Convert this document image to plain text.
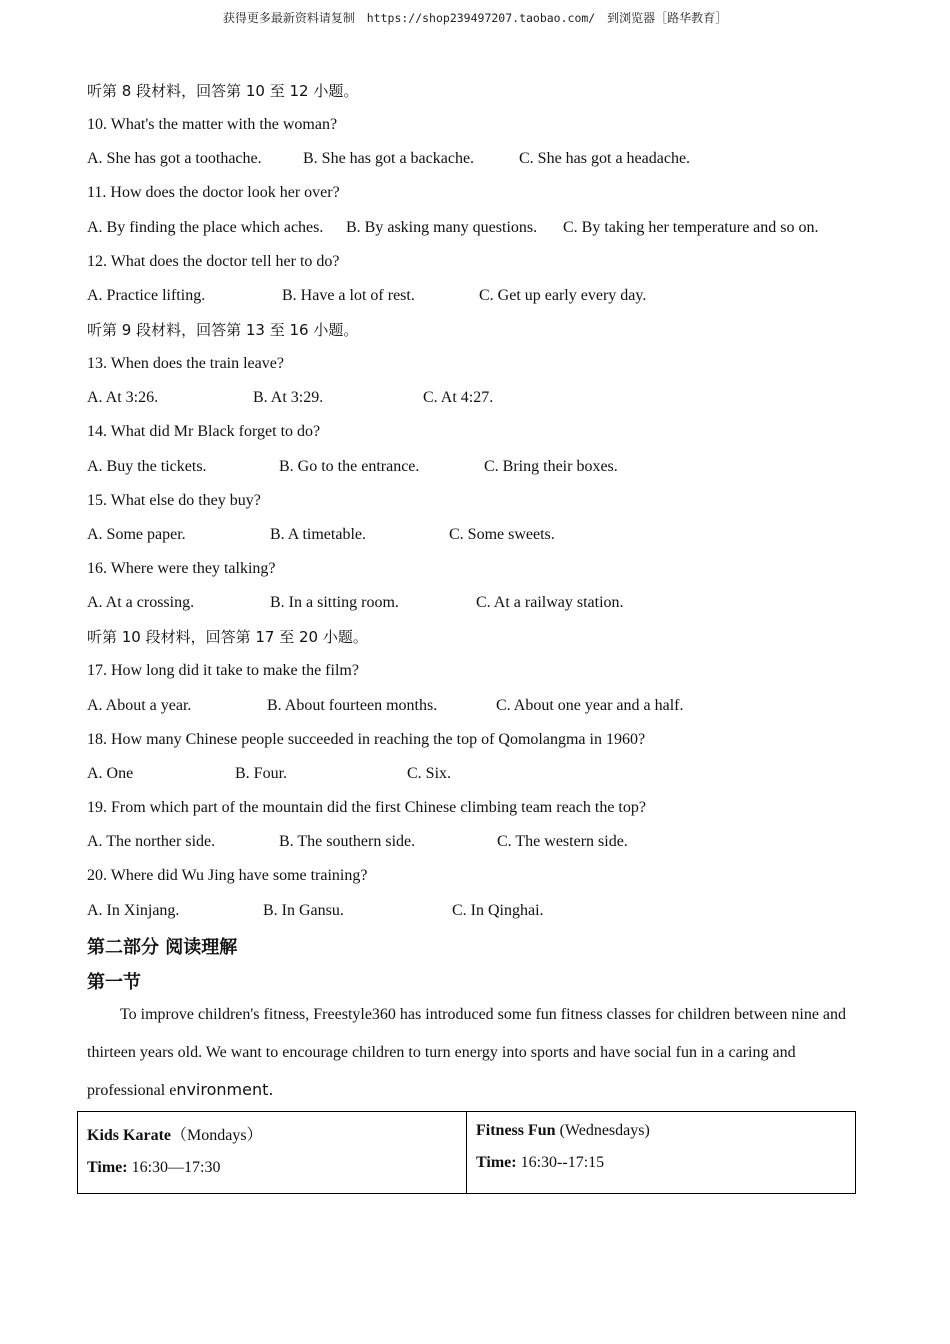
获得更多最新资料请复制 https://shop239497207.taobao.com/ 到浏览器［路华教育］
听第 8 段材料，回答第 10 至 12 小题。
10. What's the matter with the woman?
A. She has got a toothache.	B. She has got a backache.	C. She has got a headache.
11. How does the doctor look her over?
A. By finding the place which aches. B. By asking many questions. C. By taking her temperature and so on.
12. What does the doctor tell her to do?
A. Practice lifting.	B. Have a lot of rest.	C. Get up early every day.
听第 9 段材料，回答第 13 至 16 小题。
13. When does the train leave?
A. At 3:26.	B. At 3:29.	C. At 4:27.
14. What did Mr Black forget to do?
A. Buy the tickets.	B. Go to the entrance.	C. Bring their boxes.
15. What else do they buy?
A. Some paper.	B. A timetable.	C. Some sweets.
16. Where were they talking?
A. At a crossing.	B. In a sitting room.	C. At a railway station.
听第 10 段材料，回答第 17 至 20 小题。
17. How long did it take to make the film?
A. About a year.	B. About fourteen months.	C. About one year and a half.
18. How many Chinese people succeeded in reaching the top of Qomolangma in 1960?
A. One	B. Four.	C. Six.
19. From which part of the mountain did the first Chinese climbing team reach the top?
A. The norther side.	B. The southern side.	C. The western side.
20. Where did Wu Jing have some training?
A. In Xinjang.	B. In Gansu.	C. In Qinghai.
第二部分 阅读理解
第一节
To improve children's fitness, Freestyle360 has introduced some fun fitness classes for children between nine and thirteen years old. We want to encourage children to turn energy into sports and have social fun in a caring and professional environment.
Kids Karate（Mondays）
Time: 16:30—17:30

Fitness Fun (Wednesdays)
Time: 16:30--17:15
